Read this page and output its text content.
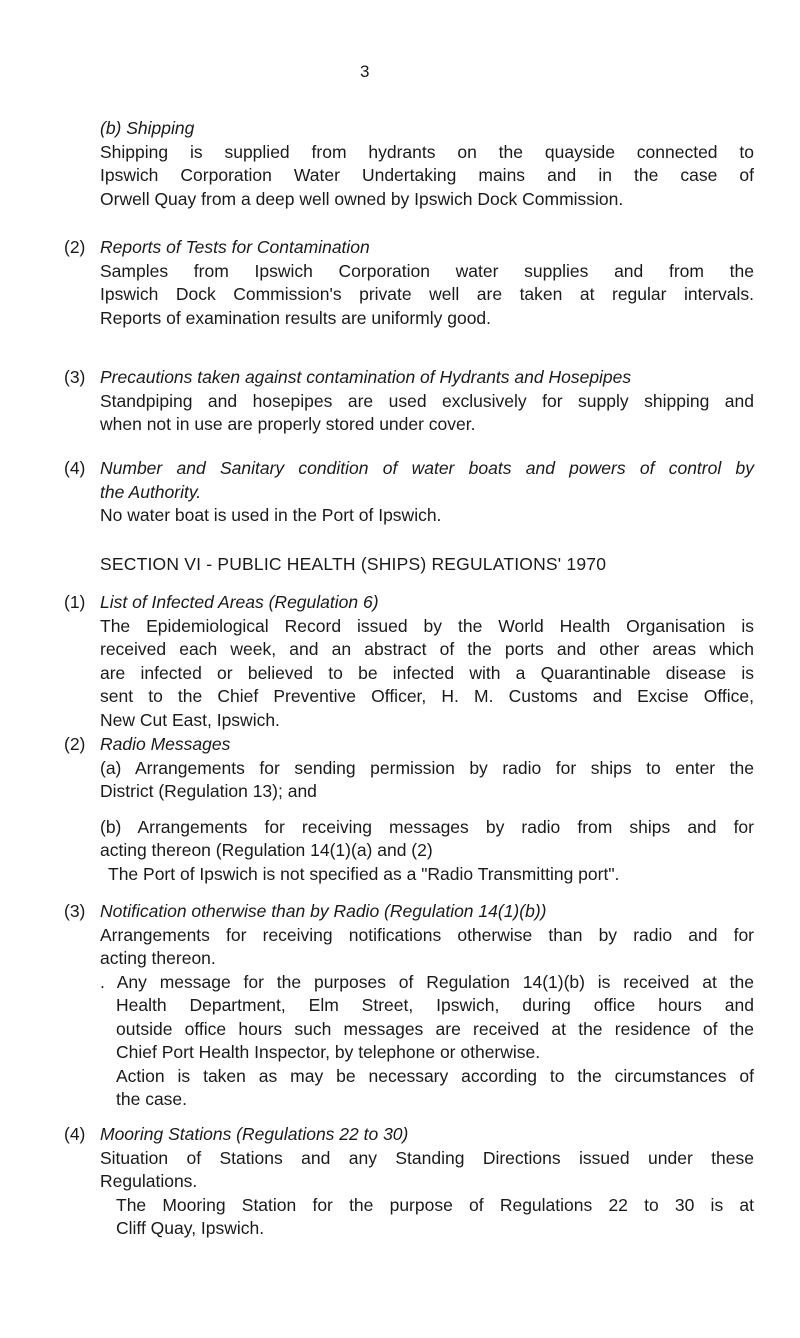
3

(b) Shipping

Shipping is supplied from hydrants on the quayside connected to

Ipswich Corporation Water Undertaking mains and in the case of

Orwell Quay from a deep well owned by Ipswich Dock Commission.

(2) Reports of Tests for Contamination

Samples from Ipswich Corporation water supplies and from the

Ipswich Dock Commission's private well are taken at regular intervals.

Reports of examination results are uniformly good.

(3) Precautions taken against contamination of Hydrants and Hosepipes

Standpiping and hosepipes are used exclusively for supply shipping and

when not in use are properly stored under cover.

(4) Number and Sanitary condition of water boats and powers of control by

the Authority.

No water boat is used in the Port of Ipswich.

SECTION VI - PUBLIC HEALTH (SHIPS) REGULATIONS' 1970
(1) List of Infected Areas (Regulation 6)

The Epidemiological Record issued by the World Health Organisation is

received each week, and an abstract of the ports and other areas which

are infected or believed to be infected with a Quarantinable disease is

sent to the Chief Preventive Officer, H. M. Customs and Excise Office,

New Cut East, Ipswich.

(2) Radio Messages

(a) Arrangements for sending permission by radio for ships to enter the

District (Regulation 13); and

(b) Arrangements for receiving messages by radio from ships and for

acting thereon (Regulation 14(1)(a) and (2)

The Port of Ipswich is not specified as a "Radio Transmitting port".

(3) Notification otherwise than by Radio (Regulation 14(1)(b))

Arrangements for receiving notifications otherwise than by radio and for

acting thereon.

. Any message for the purposes of Regulation 14(1)(b) is received at the

Health Department, Elm Street, Ipswich, during office hours and

outside office hours such messages are received at the residence of the

Chief Port Health Inspector, by telephone or otherwise.

Action is taken as may be necessary according to the circumstances of

the case.

(4) Mooring Stations (Regulations 22 to 30)

Situation of Stations and any Standing Directions issued under these

Regulations.

The Mooring Station for the purpose of Regulations 22 to 30 is at

Cliff Quay, Ipswich.
